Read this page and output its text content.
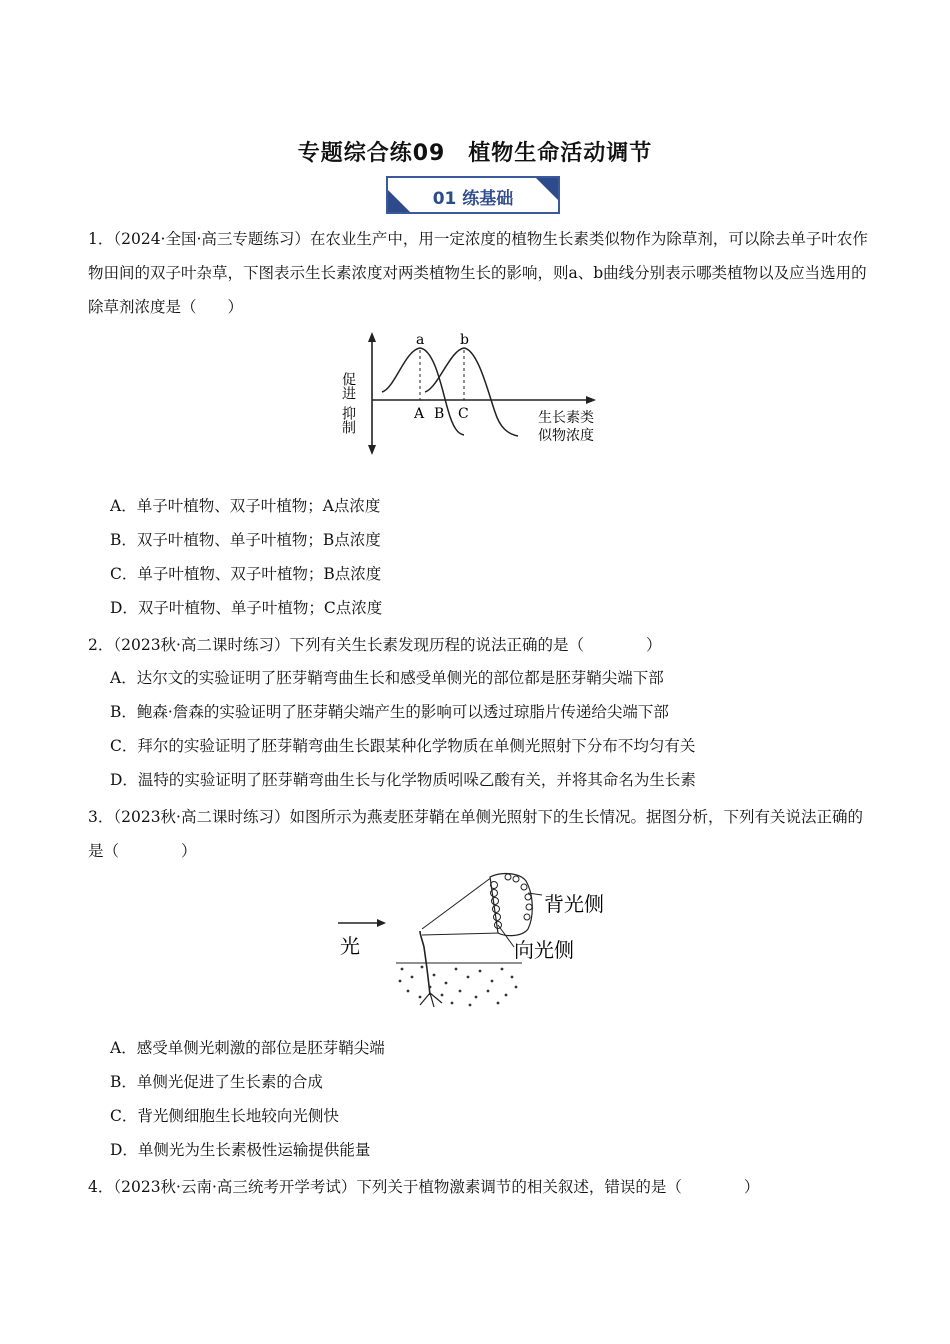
专题综合练09　植物生命活动调节
01 练基础
1．（2024·全国·高三专题练习）在农业生产中，用一定浓度的植物生长素类似物作为除草剂，可以除去单子叶农作物田间的双子叶杂草，下图表示生长素浓度对两类植物生长的影响，则a、b曲线分别表示哪类植物以及应当选用的除草剂浓度是（　　）
促进
抑制
a	b
A B C	生长素类
似物浓度
A．单子叶植物、双子叶植物；A点浓度
B．双子叶植物、单子叶植物；B点浓度
C．单子叶植物、双子叶植物；B点浓度
D．双子叶植物、单子叶植物；C点浓度
2．（2023秋·高二课时练习）下列有关生长素发现历程的说法正确的是（　　　　）
A．达尔文的实验证明了胚芽鞘弯曲生长和感受单侧光的部位都是胚芽鞘尖端下部
B．鲍森·詹森的实验证明了胚芽鞘尖端产生的影响可以透过琼脂片传递给尖端下部
C．拜尔的实验证明了胚芽鞘弯曲生长跟某种化学物质在单侧光照射下分布不均匀有关
D．温特的实验证明了胚芽鞘弯曲生长与化学物质吲哚乙酸有关，并将其命名为生长素
3．（2023秋·高二课时练习）如图所示为燕麦胚芽鞘在单侧光照射下的生长情况。据图分析，下列有关说法正确的是（　　　　）
光
背光侧
向光侧
A．感受单侧光刺激的部位是胚芽鞘尖端
B．单侧光促进了生长素的合成
C．背光侧细胞生长地较向光侧快
D．单侧光为生长素极性运输提供能量
4．（2023秋·云南·高三统考开学考试）下列关于植物激素调节的相关叙述，错误的是（　　　　）
